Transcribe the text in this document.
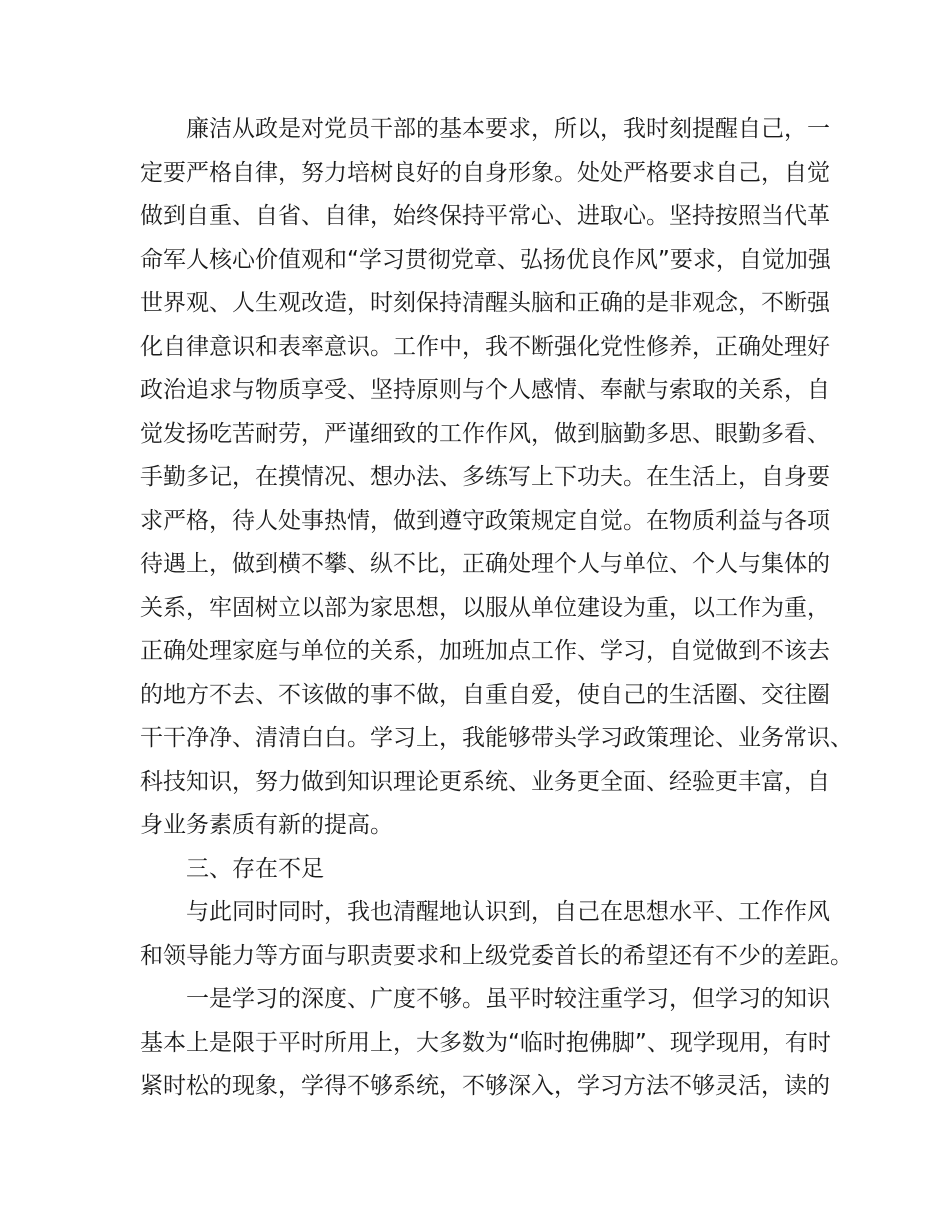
廉洁从政是对党员干部的基本要求，所以，我时刻提醒自己，一
定要严格自律，努力培树良好的自身形象。处处严格要求自己，自觉
做到自重、自省、自律，始终保持平常心、进取心。坚持按照当代革
命军人核心价值观和“学习贯彻党章、弘扬优良作风”要求，自觉加强
世界观、人生观改造，时刻保持清醒头脑和正确的是非观念，不断强
化自律意识和表率意识。工作中，我不断强化党性修养，正确处理好
政治追求与物质享受、坚持原则与个人感情、奉献与索取的关系，自
觉发扬吃苦耐劳，严谨细致的工作作风，做到脑勤多思、眼勤多看、
手勤多记，在摸情况、想办法、多练写上下功夫。在生活上，自身要
求严格，待人处事热情，做到遵守政策规定自觉。在物质利益与各项
待遇上，做到横不攀、纵不比，正确处理个人与单位、个人与集体的
关系，牢固树立以部为家思想，以服从单位建设为重，以工作为重，
正确处理家庭与单位的关系，加班加点工作、学习，自觉做到不该去
的地方不去、不该做的事不做，自重自爱，使自己的生活圈、交往圈
干干净净、清清白白。学习上，我能够带头学习政策理论、业务常识、
科技知识，努力做到知识理论更系统、业务更全面、经验更丰富，自
身业务素质有新的提高。
三、存在不足
与此同时同时，我也清醒地认识到，自己在思想水平、工作作风
和领导能力等方面与职责要求和上级党委首长的希望还有不少的差距。
一是学习的深度、广度不够。虽平时较注重学习，但学习的知识
基本上是限于平时所用上，大多数为“临时抱佛脚”、现学现用，有时
紧时松的现象，学得不够系统，不够深入，学习方法不够灵活，读的
